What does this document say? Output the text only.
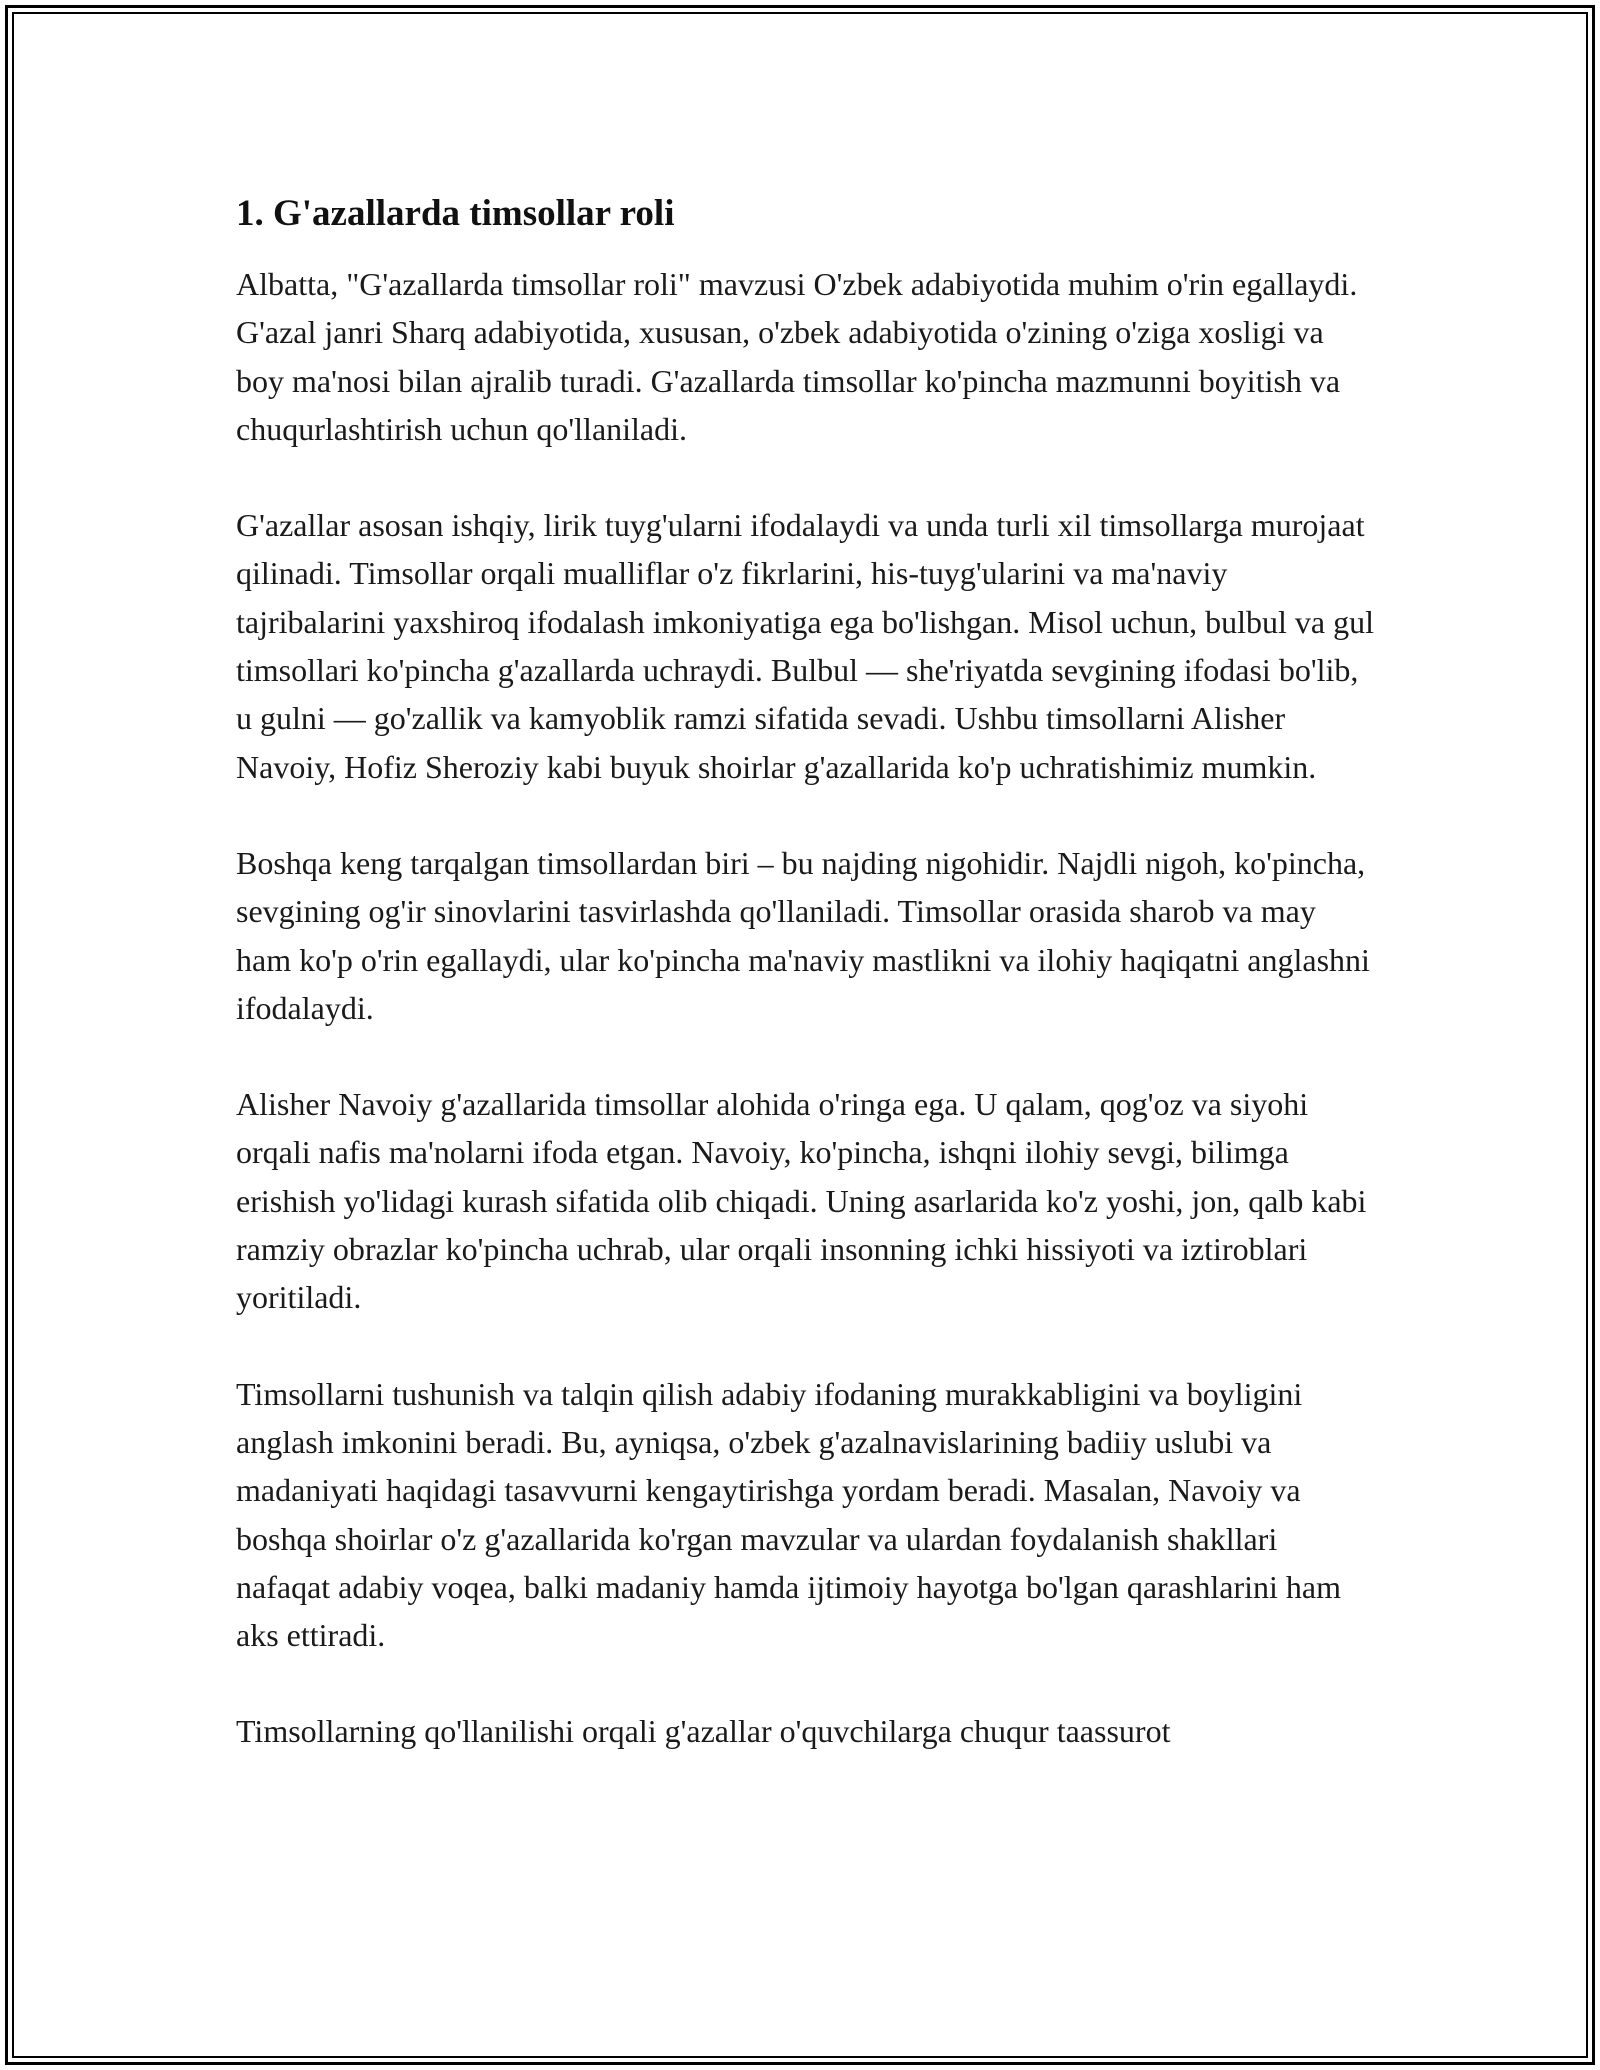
1. G'azallarda timsollar roli

Albatta, "G'azallarda timsollar roli" mavzusi O'zbek adabiyotida muhim o'rin egallaydi. G'azal janri Sharq adabiyotida, xususan, o'zbek adabiyotida o'zining o'ziga xosligi va boy ma'nosi bilan ajralib turadi. G'azallarda timsollar ko'pincha mazmunni boyitish va chuqurlashtirish uchun qo'llaniladi.

G'azallar asosan ishqiy, lirik tuyg'ularni ifodalaydi va unda turli xil timsollarga murojaat qilinadi. Timsollar orqali mualliflar o'z fikrlarini, his-tuyg'ularini va ma'naviy tajribalarini yaxshiroq ifodalash imkoniyatiga ega bo'lishgan. Misol uchun, bulbul va gul timsollari ko'pincha g'azallarda uchraydi. Bulbul — she'riyatda sevgining ifodasi bo'lib, u gulni — go'zallik va kamyoblik ramzi sifatida sevadi. Ushbu timsollarni Alisher Navoiy, Hofiz Sheroziy kabi buyuk shoirlar g'azallarida ko'p uchratishimiz mumkin.

Boshqa keng tarqalgan timsollardan biri – bu najding nigohidir. Najdli nigoh, ko'pincha, sevgining og'ir sinovlarini tasvirlashda qo'llaniladi. Timsollar orasida sharob va may ham ko'p o'rin egallaydi, ular ko'pincha ma'naviy mastlikni va ilohiy haqiqatni anglashni ifodalaydi.

Alisher Navoiy g'azallarida timsollar alohida o'ringa ega. U qalam, qog'oz va siyohi orqali nafis ma'nolarni ifoda etgan. Navoiy, ko'pincha, ishqni ilohiy sevgi, bilimga erishish yo'lidagi kurash sifatida olib chiqadi. Uning asarlarida ko'z yoshi, jon, qalb kabi ramziy obrazlar ko'pincha uchrab, ular orqali insonning ichki hissiyoti va iztiroblari yoritiladi.

Timsollarni tushunish va talqin qilish adabiy ifodaning murakkabligini va boyligini anglash imkonini beradi. Bu, ayniqsa, o'zbek g'azalnavislarining badiiy uslubi va madaniyati haqidagi tasavvurni kengaytirishga yordam beradi. Masalan, Navoiy va boshqa shoirlar o'z g'azallarida ko'rgan mavzular va ulardan foydalanish shakllari nafaqat adabiy voqea, balki madaniy hamda ijtimoiy hayotga bo'lgan qarashlarini ham aks ettiradi.

Timsollarning qo'llanilishi orqali g'azallar o'quvchilarga chuqur taassurot
